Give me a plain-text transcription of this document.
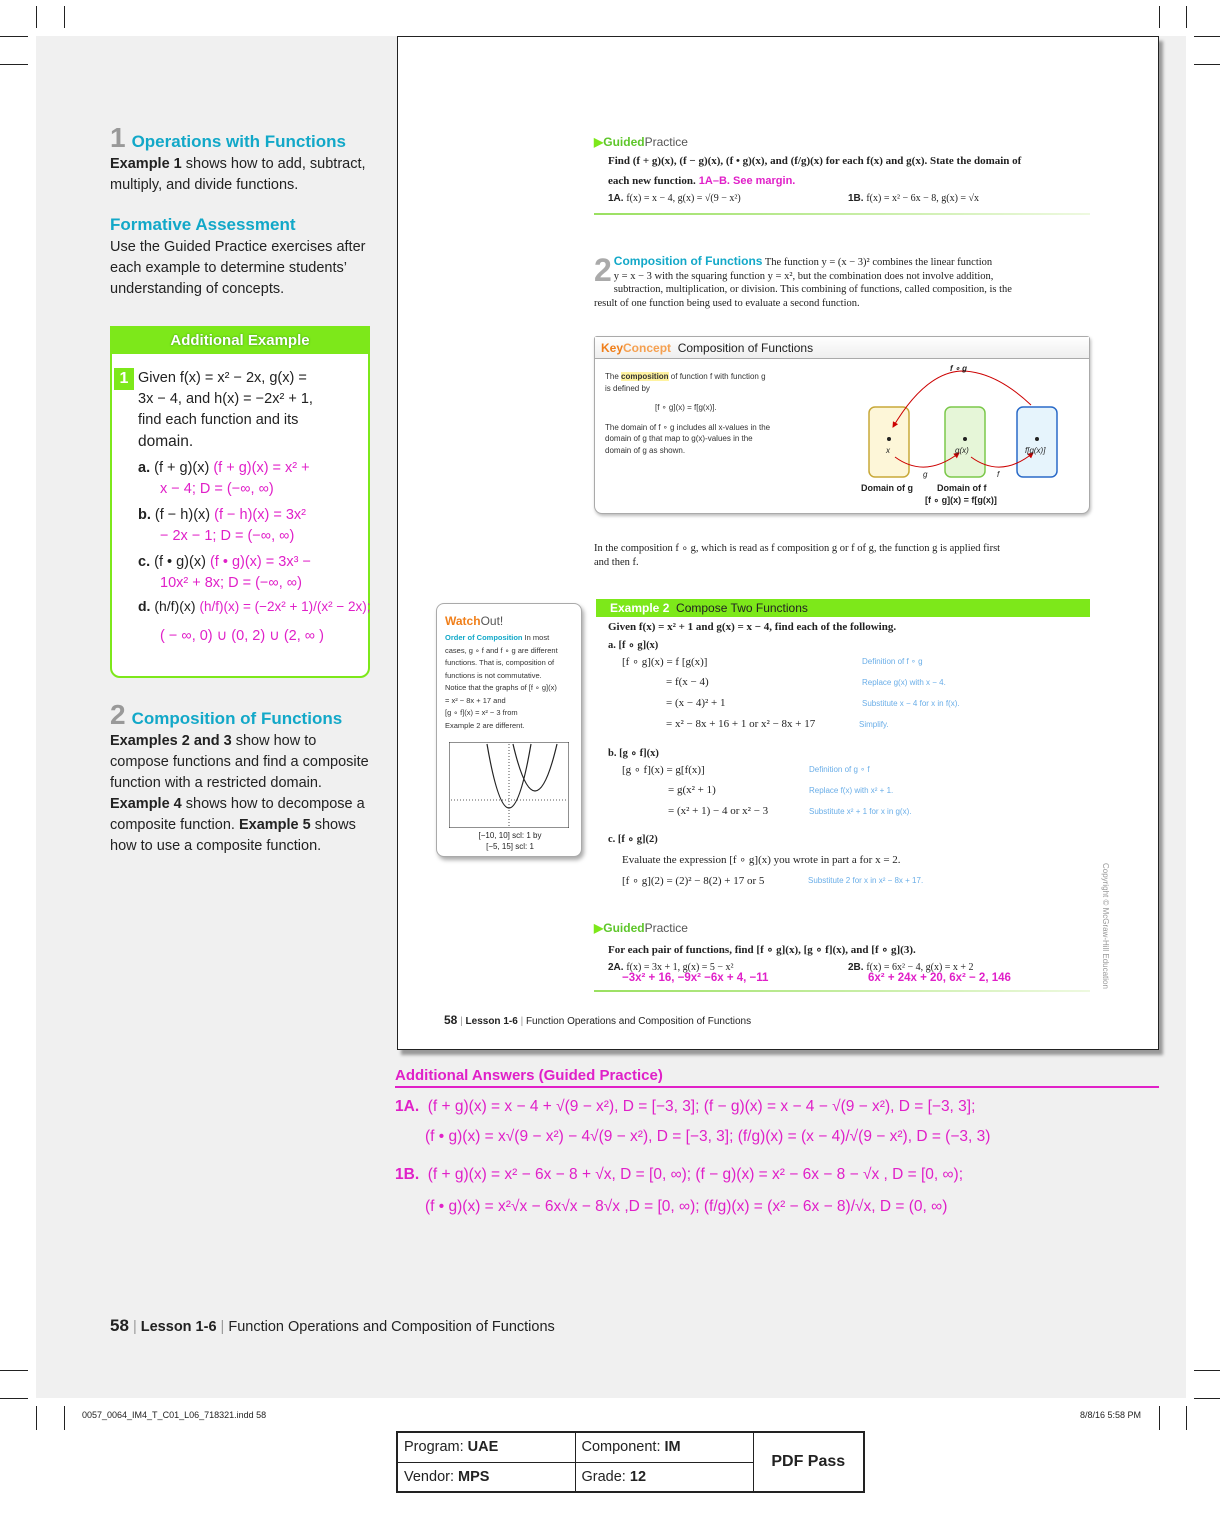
1 Operations with Functions
Example 1 shows how to add, subtract, multiply, and divide functions.
Formative Assessment
Use the Guided Practice exercises after each example to determine students’ understanding of concepts.
Additional Example
1 Given f(x) = x² − 2x, g(x) =
3x − 4, and h(x) = −2x² + 1,
find each function and its
domain.
a. (f + g)(x) (f + g)(x) = x² +
x − 4; D = (−∞, ∞)
b. (f − h)(x) (f − h)(x) = 3x²
− 2x − 1; D = (−∞, ∞)
c. (f • g)(x) (f • g)(x) = 3x³ −
10x² + 8x; D = (−∞, ∞)
d. (h/f)(x) (h/f)(x) = (−2x² + 1)/(x² − 2x);
( − ∞, 0) ∪ (0, 2) ∪ (2, ∞ )
2 Composition of Functions
Examples 2 and 3 show how to compose functions and find a composite function with a restricted domain. Example 4 shows how to decompose a composite function. Example 5 shows how to use a composite function.
▶GuidedPractice
Find (f + g)(x), (f − g)(x), (f • g)(x), and (f/g)(x) for each f(x) and g(x). State the domain of
each new function. 1A–B. See margin.
1A. f(x) = x − 4, g(x) = √(9 − x²)	1B. f(x) = x² − 6x − 8, g(x) = √x
2 Composition of Functions The function y = (x − 3)² combines the linear function
y = x − 3 with the squaring function y = x², but the combination does not involve addition,
subtraction, multiplication, or division. This combining of functions, called composition, is the
result of one function being used to evaluate a second function.
KeyConcept Composition of Functions
The composition of function f with function g
is defined by
[f ∘ g](x) = f[g(x)].
The domain of f ∘ g includes all x-values in the
domain of g that map to g(x)-values in the
domain of g as shown.
f ∘ g
x	g(x)	f[g(x)]
g	f
Domain of g	Domain of f
[f ∘ g](x) = f[g(x)]
In the composition f ∘ g, which is read as f composition g or f of g, the function g is applied first
and then f.
WatchOut!
Order of Composition In most
cases, g ∘ f and f ∘ g are different
functions. That is, composition of
functions is not commutative.
Notice that the graphs of [f ∘ g](x)
= x² − 8x + 17 and
[g ∘ f](x) = x² − 3 from
Example 2 are different.
[−10, 10] scl: 1 by
[−5, 15] scl: 1
Example 2 Compose Two Functions
Given f(x) = x² + 1 and g(x) = x − 4, find each of the following.
a. [f ∘ g](x)
[f ∘ g](x) = f [g(x)]	Definition of f ∘ g
= f(x − 4)	Replace g(x) with x − 4.
= (x − 4)² + 1	Substitute x − 4 for x in f(x).
= x² − 8x + 16 + 1 or x² − 8x + 17	Simplify.
b. [g ∘ f](x)
[g ∘ f](x) = g[f(x)]	Definition of g ∘ f
= g(x² + 1)	Replace f(x) with x² + 1.
= (x² + 1) − 4 or x² − 3	Substitute x² + 1 for x in g(x).
c. [f ∘ g](2)
Evaluate the expression [f ∘ g](x) you wrote in part a for x = 2.
[f ∘ g](2) = (2)² − 8(2) + 17 or 5	Substitute 2 for x in x² − 8x + 17.
▶GuidedPractice
For each pair of functions, find [f ∘ g](x), [g ∘ f](x), and [f ∘ g](3).
2A. f(x) = 3x + 1, g(x) = 5 − x²
−3x² + 16, −9x² −6x + 4, −11
2B. f(x) = 6x² − 4, g(x) = x + 2
6x² + 24x + 20, 6x² − 2, 146	Copyright © McGraw-Hill Education
58 | Lesson 1-6 | Function Operations and Composition of Functions
Additional Answers (Guided Practice)
1A. (f + g)(x) = x − 4 + √(9 − x²), D = [−3, 3]; (f − g)(x) = x − 4 − √(9 − x²), D = [−3, 3];
(f • g)(x) = x√(9 − x²) − 4√(9 − x²), D = [−3, 3]; (f/g)(x) = (x − 4)/√(9 − x²), D = (−3, 3)
1B. (f + g)(x) = x² − 6x − 8 + √x, D = [0, ∞); (f − g)(x) = x² − 6x − 8 − √x , D = [0, ∞);
(f • g)(x) = x²√x − 6x√x − 8√x ,D = [0, ∞); (f/g)(x) = (x² − 6x − 8)/√x, D = (0, ∞)
58 | Lesson 1-6 | Function Operations and Composition of Functions
0057_0064_IM4_T_C01_L06_718321.indd 58	8/8/16 5:58 PM
Program: UAE	Component: IM	PDF Pass
Vendor: MPS	Grade: 12	
